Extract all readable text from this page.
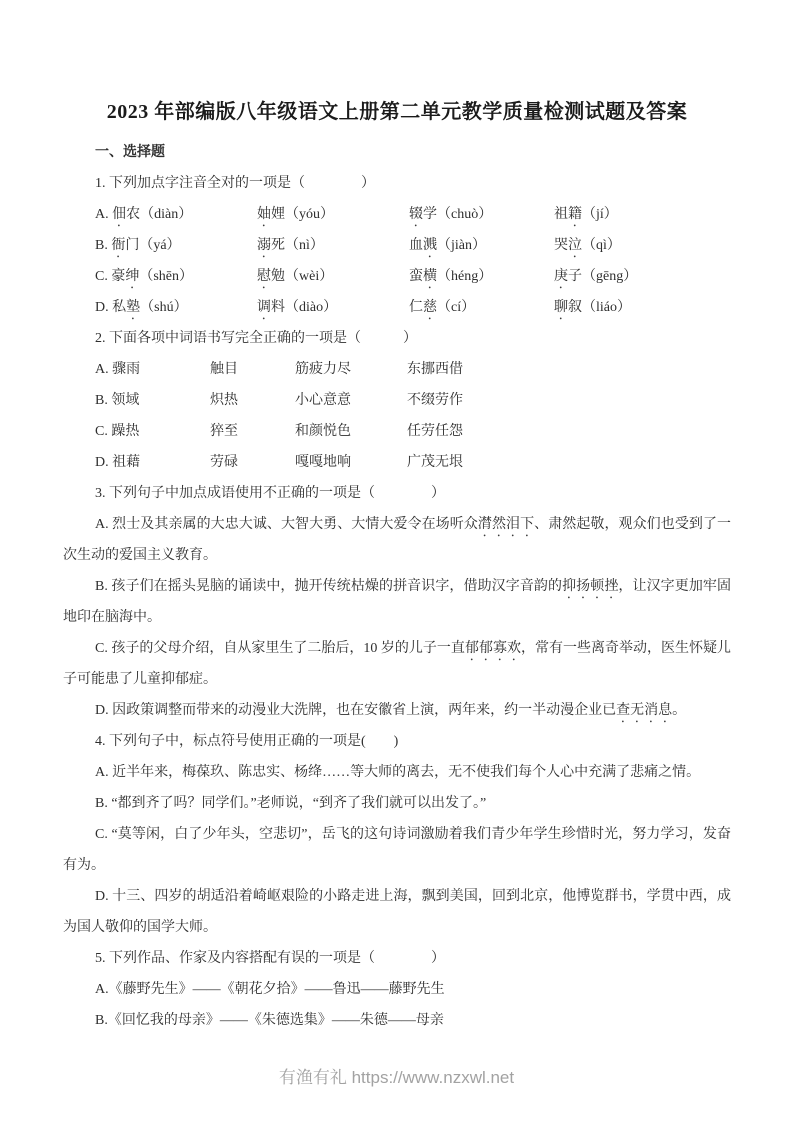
2023 年部编版八年级语文上册第二单元教学质量检测试题及答案

一、选择题

1. 下列加点字注音全对的一项是（　　　　）

A. 佃农（diàn）	妯娌（yóu）	辍学（chuò）	祖籍（jí）
B. 衙门（yá）	溺死（nì）	血溅（jiàn）	哭泣（qì）
C. 豪绅（shēn）	慰勉（wèi）	蛮横（héng）	庚子（gēng）
D. 私塾（shú）	调料（diào）	仁慈（cí）	聊叙（liáo）

2. 下面各项中词语书写完全正确的一项是（　　　）

A. 骤雨	触目	筋疲力尽	东挪西借
B. 领域	炽热	小心意意	不缀劳作
C. 躁热	猝至	和颜悦色	任劳任怨
D. 祖藉	劳碌	嘎嘎地响	广茂无垠

3. 下列句子中加点成语使用不正确的一项是（　　　　）

A. 烈士及其亲属的大忠大诚、大智大勇、大情大爱令在场听众潸然泪下、肃然起敬，观众们也受到了一次生动的爱国主义教育。

B. 孩子们在摇头晃脑的诵读中，抛开传统枯燥的拼音识字，借助汉字音韵的抑扬顿挫，让汉字更加牢固地印在脑海中。

C. 孩子的父母介绍，自从家里生了二胎后，10 岁的儿子一直郁郁寡欢，常有一些离奇举动，医生怀疑儿子可能患了儿童抑郁症。

D. 因政策调整而带来的动漫业大洗牌，也在安徽省上演，两年来，约一半动漫企业已查无消息。

4. 下列句子中，标点符号使用正确的一项是(　　)

A. 近半年来，梅葆玖、陈忠实、杨绛……等大师的离去，无不使我们每个人心中充满了悲痛之情。

B. “都到齐了吗？同学们。”老师说，“到齐了我们就可以出发了。”

C. “莫等闲，白了少年头，空悲切”，岳飞的这句诗词激励着我们青少年学生珍惜时光，努力学习，发奋有为。

D. 十三、四岁的胡适沿着崎岖艰险的小路走进上海，飘到美国，回到北京，他博览群书，学贯中西，成为国人敬仰的国学大师。

5. 下列作品、作家及内容搭配有误的一项是（　　　　）

A.《藤野先生》——《朝花夕拾》——鲁迅——藤野先生

B.《回忆我的母亲》——《朱德选集》——朱德——母亲

有渔有礼 https://www.nzxwl.net
